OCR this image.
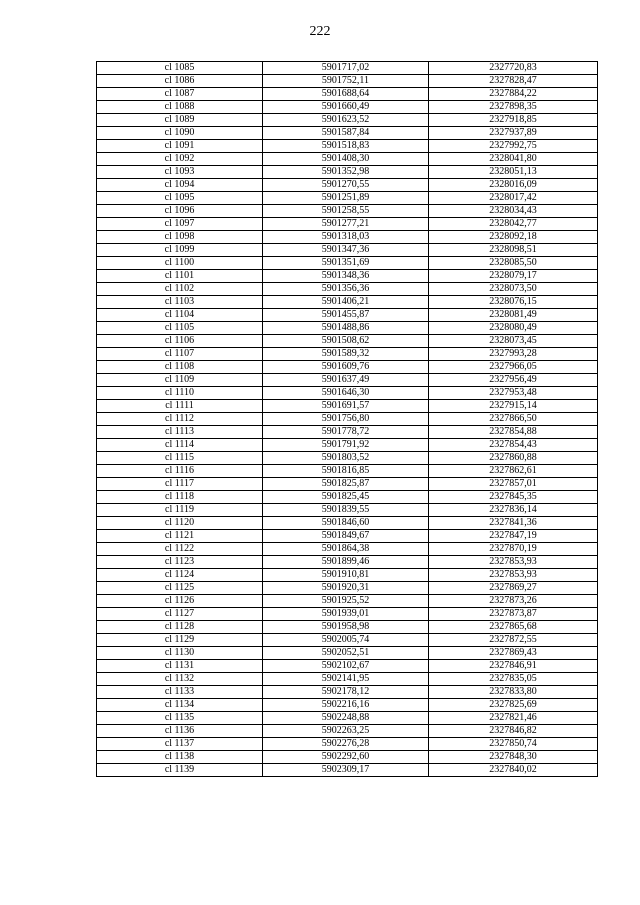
222
cl 1085	5901717,02	2327720,83
cl 1086	5901752,11	2327828,47
cl 1087	5901688,64	2327884,22
cl 1088	5901660,49	2327898,35
cl 1089	5901623,52	2327918,85
cl 1090	5901587,84	2327937,89
cl 1091	5901518,83	2327992,75
cl 1092	5901408,30	2328041,80
cl 1093	5901352,98	2328051,13
cl 1094	5901270,55	2328016,09
cl 1095	5901251,89	2328017,42
cl 1096	5901258,55	2328034,43
cl 1097	5901277,21	2328042,77
cl 1098	5901318,03	2328092,18
cl 1099	5901347,36	2328098,51
cl 1100	5901351,69	2328085,50
cl 1101	5901348,36	2328079,17
cl 1102	5901356,36	2328073,50
cl 1103	5901406,21	2328076,15
cl 1104	5901455,87	2328081,49
cl 1105	5901488,86	2328080,49
cl 1106	5901508,62	2328073,45
cl 1107	5901589,32	2327993,28
cl 1108	5901609,76	2327966,05
cl 1109	5901637,49	2327956,49
cl 1110	5901646,30	2327953,48
cl 1111	5901691,57	2327915,14
cl 1112	5901756,80	2327866,50
cl 1113	5901778,72	2327854,88
cl 1114	5901791,92	2327854,43
cl 1115	5901803,52	2327860,88
cl 1116	5901816,85	2327862,61
cl 1117	5901825,87	2327857,01
cl 1118	5901825,45	2327845,35
cl 1119	5901839,55	2327836,14
cl 1120	5901846,60	2327841,36
cl 1121	5901849,67	2327847,19
cl 1122	5901864,38	2327870,19
cl 1123	5901899,46	2327853,93
cl 1124	5901910,81	2327853,93
cl 1125	5901920,31	2327869,27
cl 1126	5901925,52	2327873,26
cl 1127	5901939,01	2327873,87
cl 1128	5901958,98	2327865,68
cl 1129	5902005,74	2327872,55
cl 1130	5902052,51	2327869,43
cl 1131	5902102,67	2327846,91
cl 1132	5902141,95	2327835,05
cl 1133	5902178,12	2327833,80
cl 1134	5902216,16	2327825,69
cl 1135	5902248,88	2327821,46
cl 1136	5902263,25	2327846,82
cl 1137	5902276,28	2327850,74
cl 1138	5902292,60	2327848,30
cl 1139	5902309,17	2327840,02
